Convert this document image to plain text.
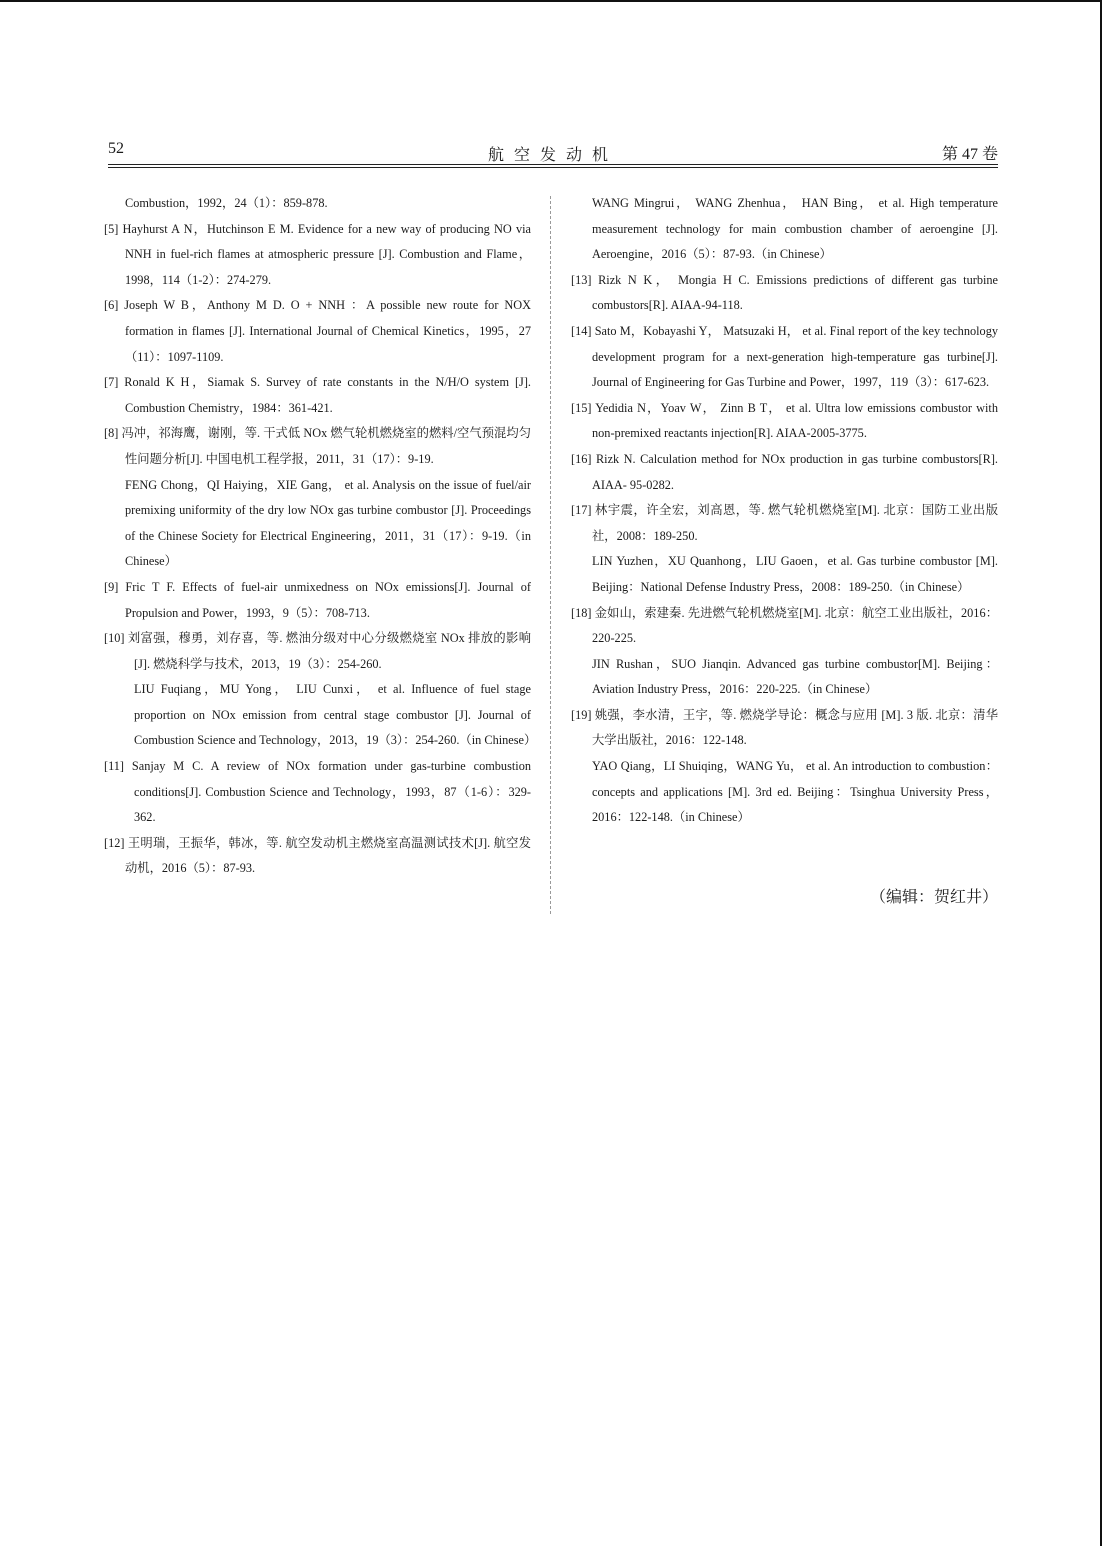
52	航空发动机	第 47 卷

Combustion，1992，24（1）：859-878.

[5] Hayhurst A N，Hutchinson E M. Evidence for a new way of producing NO via NNH in fuel-rich flames at atmospheric pressure [J]. Combustion and Flame，1998，114（1-2）：274-279.

[6] Joseph W B，Anthony M D. O + NNH ：A possible new route for NOX formation in flames [J]. International Journal of Chemical Kinetics，1995，27（11）：1097-1109.

[7] Ronald K H，Siamak S. Survey of rate constants in the N/H/O system [J]. Combustion Chemistry，1984：361-421.

[8] 冯冲，祁海鹰，谢刚，等. 干式低 NOx 燃气轮机燃烧室的燃料/空气预混均匀性问题分析[J]. 中国电机工程学报，2011，31（17）：9-19.

FENG Chong，QI Haiying，XIE Gang， et al. Analysis on the issue of fuel/air premixing uniformity of the dry low NOx gas turbine combustor [J]. Proceedings of the Chinese Society for Electrical Engineering，2011，31（17）：9-19.（in Chinese）

[9] Fric T F. Effects of fuel-air unmixedness on NOx emissions[J]. Journal of Propulsion and Power，1993，9（5）：708-713.

[10] 刘富强，穆勇，刘存喜，等. 燃油分级对中心分级燃烧室 NOx 排放的影响[J]. 燃烧科学与技术，2013，19（3）：254-260.

LIU Fuqiang，MU Yong， LIU Cunxi， et al. Influence of fuel stage proportion on NOx emission from central stage combustor [J]. Journal of Combustion Science and Technology，2013，19（3）：254-260.（in Chinese）

[11] Sanjay M C. A review of NOx formation under gas-turbine combustion conditions[J]. Combustion Science and Technology，1993，87（1-6）：329-362.

[12] 王明瑞，王振华，韩冰，等. 航空发动机主燃烧室高温测试技术[J]. 航空发动机，2016（5）：87-93.

WANG Mingrui， WANG Zhenhua， HAN Bing， et al. High temperature measurement technology for main combustion chamber of aeroengine [J]. Aeroengine，2016（5）：87-93.（in Chinese）

[13] Rizk N K， Mongia H C. Emissions predictions of different gas turbine combustors[R]. AIAA-94-118.

[14] Sato M，Kobayashi Y， Matsuzaki H， et al. Final report of the key technology development program for a next-generation high-temperature gas turbine[J]. Journal of Engineering for Gas Turbine and Power，1997，119（3）：617-623.

[15] Yedidia N，Yoav W， Zinn B T， et al. Ultra low emissions combustor with non-premixed reactants injection[R]. AIAA-2005-3775.

[16] Rizk N. Calculation method for NOx production in gas turbine combustors[R]. AIAA- 95-0282.

[17] 林宇震，许全宏，刘高恩，等. 燃气轮机燃烧室[M]. 北京：国防工业出版社，2008：189-250.

LIN Yuzhen，XU Quanhong，LIU Gaoen，et al. Gas turbine combustor [M]. Beijing：National Defense Industry Press，2008：189-250.（in Chinese）

[18] 金如山，索建秦. 先进燃气轮机燃烧室[M]. 北京：航空工业出版社，2016：220-225.

JIN Rushan，SUO Jianqin. Advanced gas turbine combustor[M]. Beijing：Aviation Industry Press，2016：220-225.（in Chinese）

[19] 姚强，李水清，王宇，等. 燃烧学导论：概念与应用 [M]. 3 版. 北京：清华大学出版社，2016：122-148.

YAO Qiang，LI Shuiqing，WANG Yu， et al. An introduction to combustion： concepts and applications [M]. 3rd ed. Beijing：Tsinghua University Press，2016：122-148.（in Chinese）

（编辑：贺红井）
